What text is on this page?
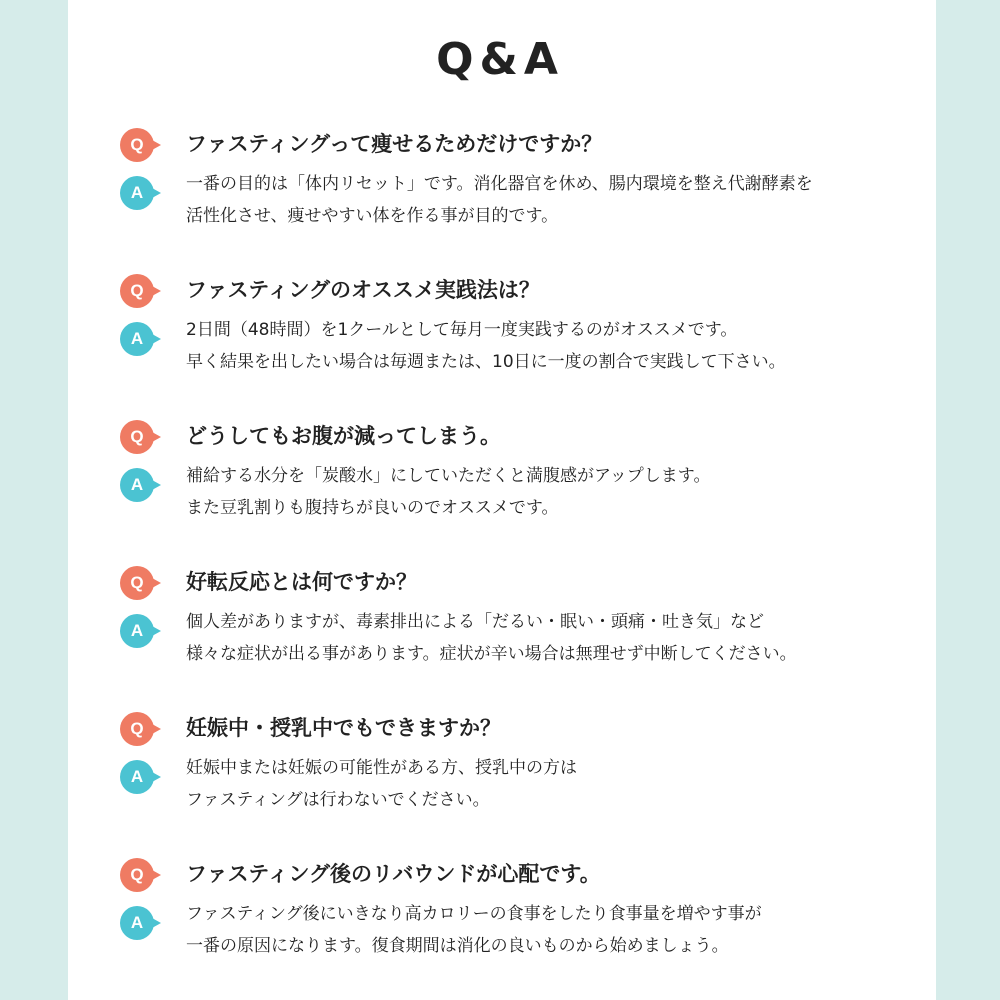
Q&A
Q	ファスティングって痩せるためだけですか？
A	一番の目的は「体内リセット」です。消化器官を休め、腸内環境を整え代謝酵素を
活性化させ、痩せやすい体を作る事が目的です。
Q	ファスティングのオススメ実践法は？
A	2日間（48時間）を1クールとして毎月一度実践するのがオススメです。
早く結果を出したい場合は毎週または、10日に一度の割合で実践して下さい。
Q	どうしてもお腹が減ってしまう。
A	補給する水分を「炭酸水」にしていただくと満腹感がアップします。
また豆乳割りも腹持ちが良いのでオススメです。
Q	好転反応とは何ですか？
A	個人差がありますが、毒素排出による「だるい・眠い・頭痛・吐き気」など
様々な症状が出る事があります。症状が辛い場合は無理せず中断してください。
Q	妊娠中・授乳中でもできますか？
A	妊娠中または妊娠の可能性がある方、授乳中の方は
ファスティングは行わないでください。
Q	ファスティング後のリバウンドが心配です。
A	ファスティング後にいきなり高カロリーの食事をしたり食事量を増やす事が
一番の原因になります。復食期間は消化の良いものから始めましょう。
